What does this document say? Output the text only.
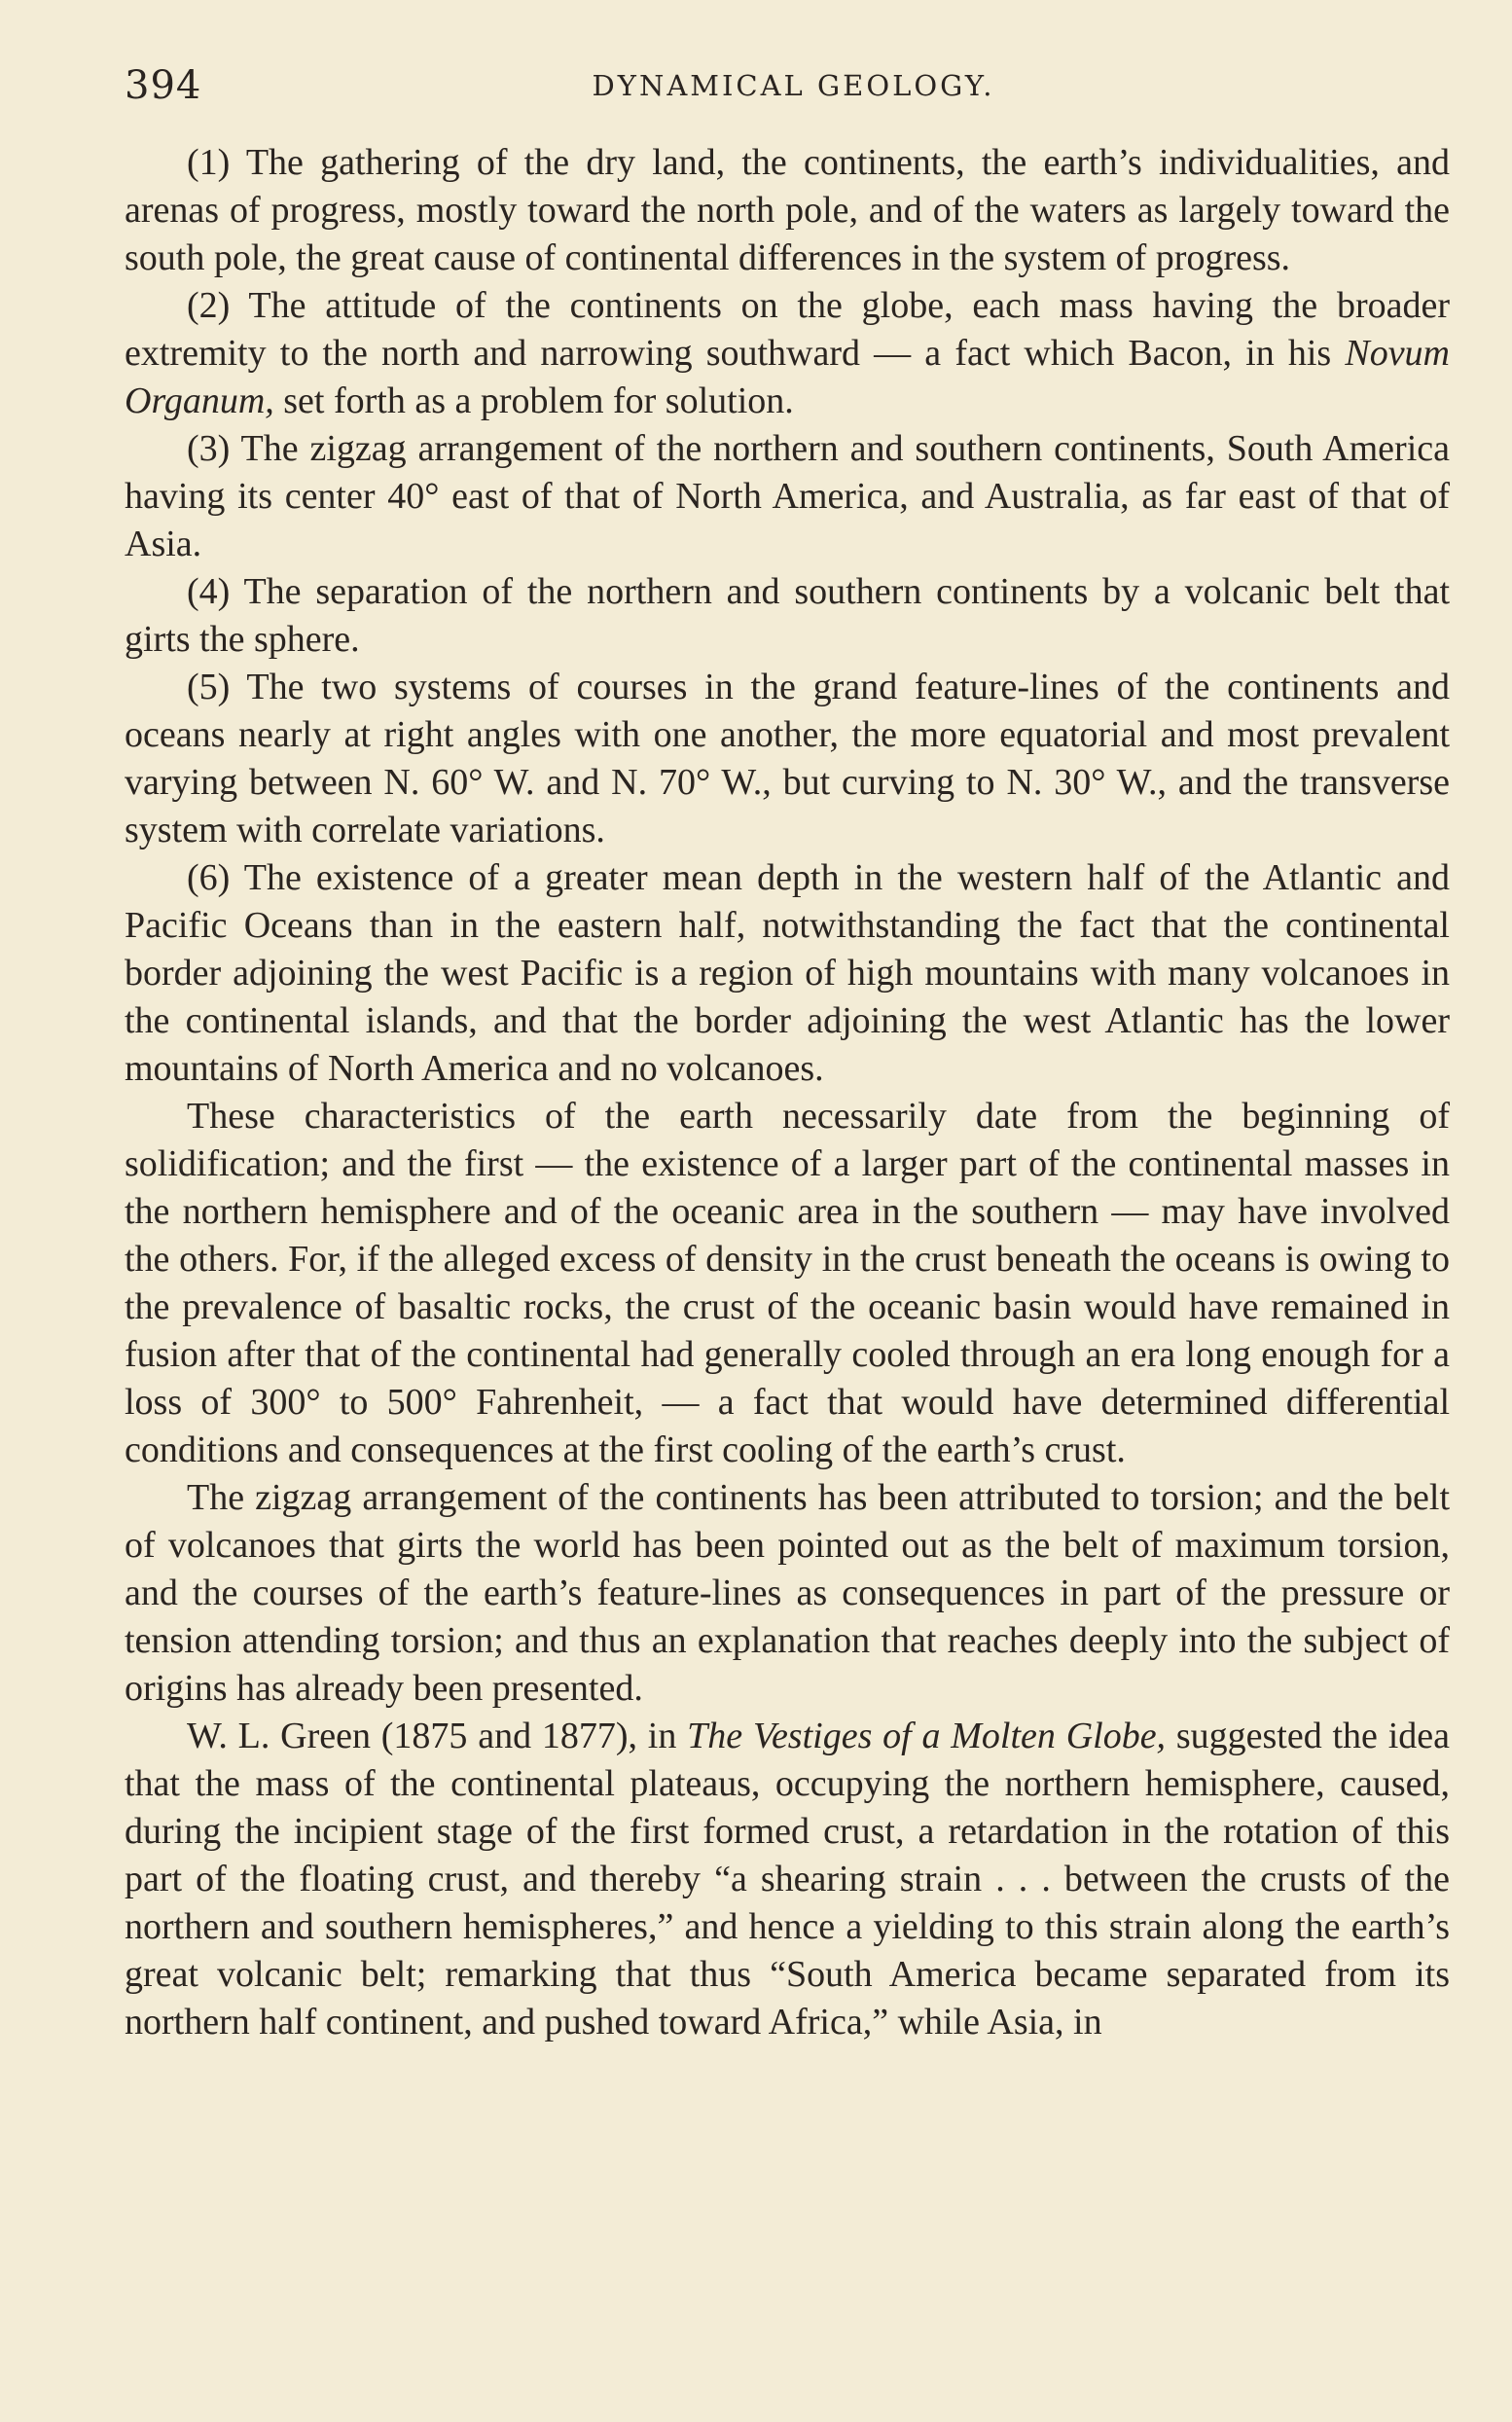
394	DYNAMICAL GEOLOGY.

(1) The gathering of the dry land, the continents, the earth’s individualities, and arenas of progress, mostly toward the north pole, and of the waters as largely toward the south pole, the great cause of continental differences in the system of progress.

(2) The attitude of the continents on the globe, each mass having the broader extremity to the north and narrowing southward — a fact which Bacon, in his Novum Organum, set forth as a problem for solution.

(3) The zigzag arrangement of the northern and southern continents, South America having its center 40° east of that of North America, and Australia, as far east of that of Asia.

(4) The separation of the northern and southern continents by a volcanic belt that girts the sphere.

(5) The two systems of courses in the grand feature-lines of the continents and oceans nearly at right angles with one another, the more equatorial and most prevalent varying between N. 60° W. and N. 70° W., but curving to N. 30° W., and the transverse system with correlate variations.

(6) The existence of a greater mean depth in the western half of the Atlantic and Pacific Oceans than in the eastern half, notwithstanding the fact that the continental border adjoining the west Pacific is a region of high mountains with many volcanoes in the continental islands, and that the border adjoining the west Atlantic has the lower mountains of North America and no volcanoes.

These characteristics of the earth necessarily date from the beginning of solidification; and the first — the existence of a larger part of the continental masses in the northern hemisphere and of the oceanic area in the southern — may have involved the others. For, if the alleged excess of density in the crust beneath the oceans is owing to the prevalence of basaltic rocks, the crust of the oceanic basin would have remained in fusion after that of the continental had generally cooled through an era long enough for a loss of 300° to 500° Fahrenheit, — a fact that would have determined differential conditions and consequences at the first cooling of the earth’s crust.

The zigzag arrangement of the continents has been attributed to torsion; and the belt of volcanoes that girts the world has been pointed out as the belt of maximum torsion, and the courses of the earth’s feature-lines as consequences in part of the pressure or tension attending torsion; and thus an explanation that reaches deeply into the subject of origins has already been presented.

W. L. Green (1875 and 1877), in The Vestiges of a Molten Globe, suggested the idea that the mass of the continental plateaus, occupying the northern hemisphere, caused, during the incipient stage of the first formed crust, a retardation in the rotation of this part of the floating crust, and thereby “a shearing strain . . . between the crusts of the northern and southern hemispheres,” and hence a yielding to this strain along the earth’s great volcanic belt; remarking that thus “South America became separated from its northern half continent, and pushed toward Africa,” while Asia, in
